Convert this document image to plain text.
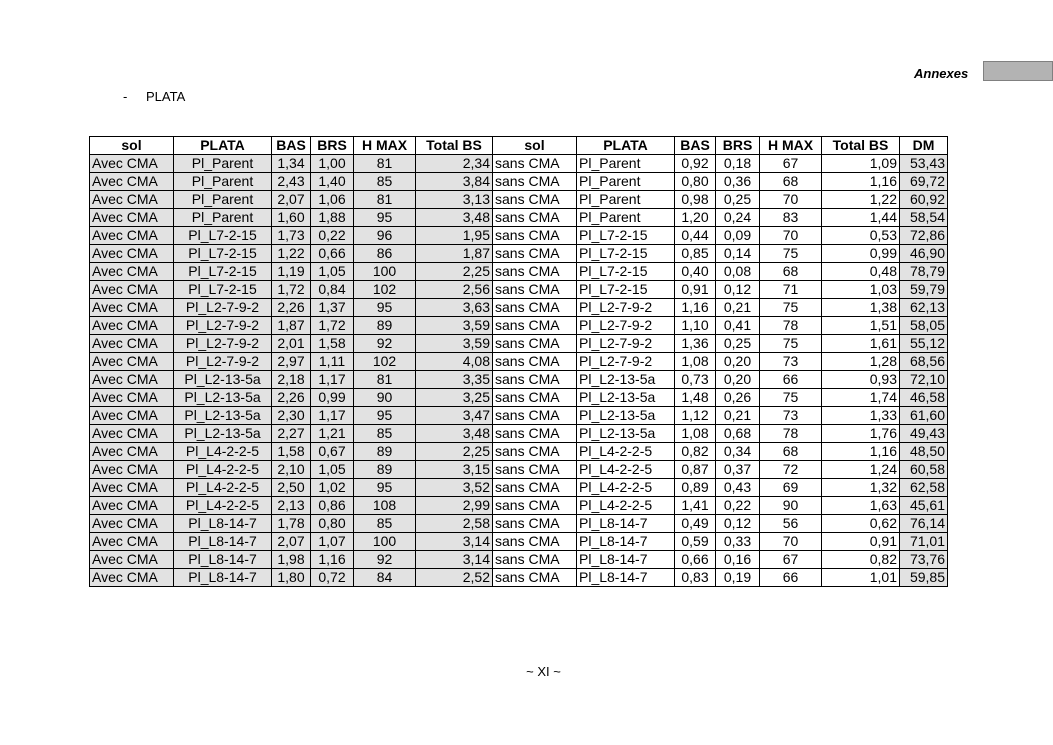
Annexes
- PLATA
sol	PLATA	BAS	BRS	H MAX	Total BS	sol	PLATA	BAS	BRS	H MAX	Total BS	DM
Avec CMA	Pl_Parent	1,34	1,00	81	2,34	sans CMA	Pl_Parent	0,92	0,18	67	1,09	53,43
Avec CMA	Pl_Parent	2,43	1,40	85	3,84	sans CMA	Pl_Parent	0,80	0,36	68	1,16	69,72
Avec CMA	Pl_Parent	2,07	1,06	81	3,13	sans CMA	Pl_Parent	0,98	0,25	70	1,22	60,92
Avec CMA	Pl_Parent	1,60	1,88	95	3,48	sans CMA	Pl_Parent	1,20	0,24	83	1,44	58,54
Avec CMA	Pl_L7-2-15	1,73	0,22	96	1,95	sans CMA	Pl_L7-2-15	0,44	0,09	70	0,53	72,86
Avec CMA	Pl_L7-2-15	1,22	0,66	86	1,87	sans CMA	Pl_L7-2-15	0,85	0,14	75	0,99	46,90
Avec CMA	Pl_L7-2-15	1,19	1,05	100	2,25	sans CMA	Pl_L7-2-15	0,40	0,08	68	0,48	78,79
Avec CMA	Pl_L7-2-15	1,72	0,84	102	2,56	sans CMA	Pl_L7-2-15	0,91	0,12	71	1,03	59,79
Avec CMA	Pl_L2-7-9-2	2,26	1,37	95	3,63	sans CMA	Pl_L2-7-9-2	1,16	0,21	75	1,38	62,13
Avec CMA	Pl_L2-7-9-2	1,87	1,72	89	3,59	sans CMA	Pl_L2-7-9-2	1,10	0,41	78	1,51	58,05
Avec CMA	Pl_L2-7-9-2	2,01	1,58	92	3,59	sans CMA	Pl_L2-7-9-2	1,36	0,25	75	1,61	55,12
Avec CMA	Pl_L2-7-9-2	2,97	1,11	102	4,08	sans CMA	Pl_L2-7-9-2	1,08	0,20	73	1,28	68,56
Avec CMA	Pl_L2-13-5a	2,18	1,17	81	3,35	sans CMA	Pl_L2-13-5a	0,73	0,20	66	0,93	72,10
Avec CMA	Pl_L2-13-5a	2,26	0,99	90	3,25	sans CMA	Pl_L2-13-5a	1,48	0,26	75	1,74	46,58
Avec CMA	Pl_L2-13-5a	2,30	1,17	95	3,47	sans CMA	Pl_L2-13-5a	1,12	0,21	73	1,33	61,60
Avec CMA	Pl_L2-13-5a	2,27	1,21	85	3,48	sans CMA	Pl_L2-13-5a	1,08	0,68	78	1,76	49,43
Avec CMA	Pl_L4-2-2-5	1,58	0,67	89	2,25	sans CMA	Pl_L4-2-2-5	0,82	0,34	68	1,16	48,50
Avec CMA	Pl_L4-2-2-5	2,10	1,05	89	3,15	sans CMA	Pl_L4-2-2-5	0,87	0,37	72	1,24	60,58
Avec CMA	Pl_L4-2-2-5	2,50	1,02	95	3,52	sans CMA	Pl_L4-2-2-5	0,89	0,43	69	1,32	62,58
Avec CMA	Pl_L4-2-2-5	2,13	0,86	108	2,99	sans CMA	Pl_L4-2-2-5	1,41	0,22	90	1,63	45,61
Avec CMA	Pl_L8-14-7	1,78	0,80	85	2,58	sans CMA	Pl_L8-14-7	0,49	0,12	56	0,62	76,14
Avec CMA	Pl_L8-14-7	2,07	1,07	100	3,14	sans CMA	Pl_L8-14-7	0,59	0,33	70	0,91	71,01
Avec CMA	Pl_L8-14-7	1,98	1,16	92	3,14	sans CMA	Pl_L8-14-7	0,66	0,16	67	0,82	73,76
Avec CMA	Pl_L8-14-7	1,80	0,72	84	2,52	sans CMA	Pl_L8-14-7	0,83	0,19	66	1,01	59,85
~ XI ~
